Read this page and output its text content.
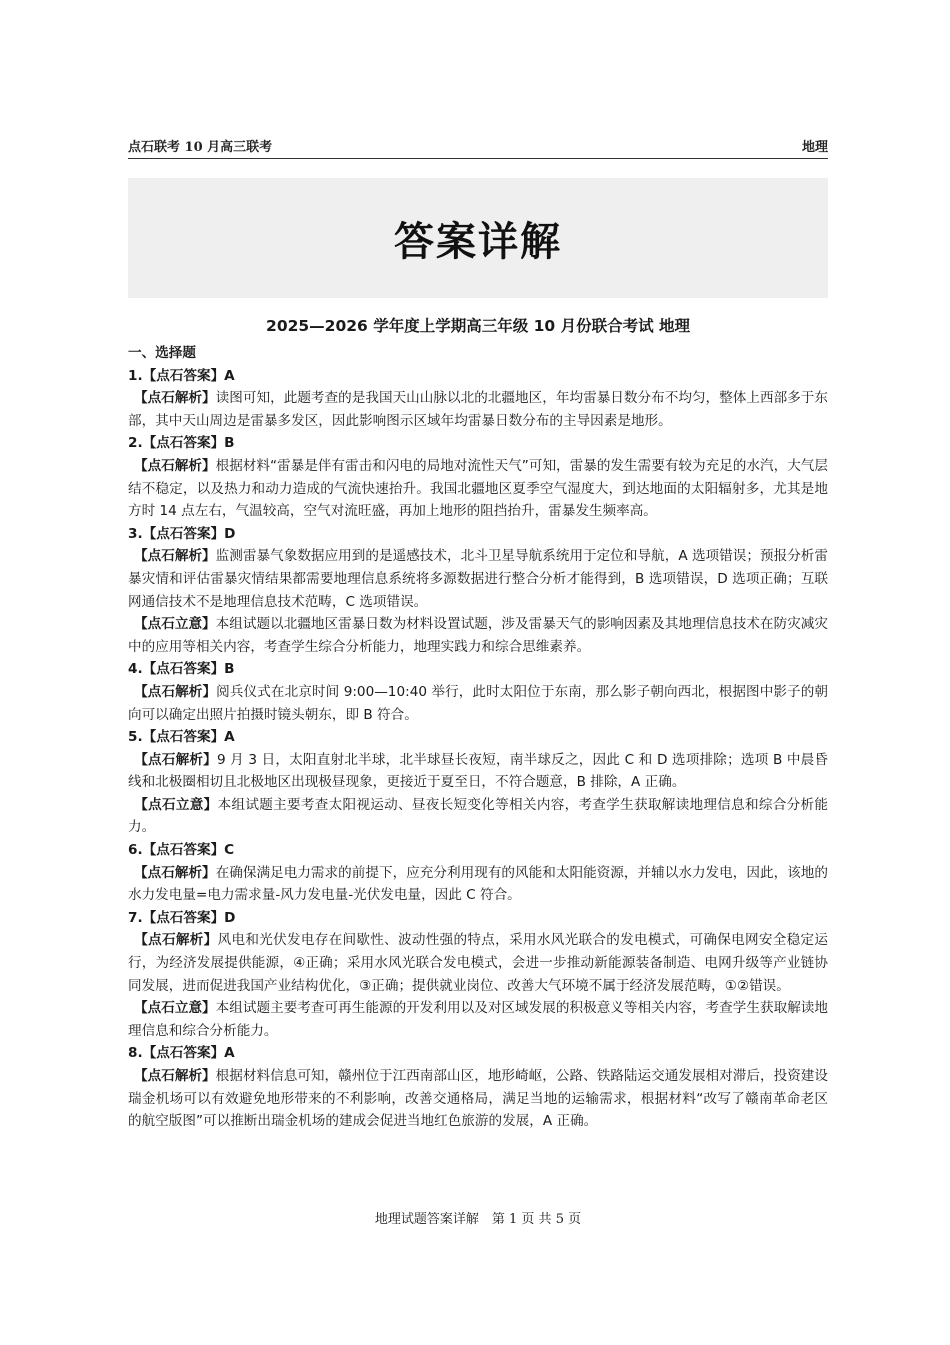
点石联考 10 月高三联考	地理
答案详解
2025—2026 学年度上学期高三年级 10 月份联合考试 地理

一、选择题

1.【点石答案】A

【点石解析】读图可知，此题考查的是我国天山山脉以北的北疆地区，年均雷暴日数分布不均匀，整体上西部多于东部，其中天山周边是雷暴多发区，因此影响图示区域年均雷暴日数分布的主导因素是地形。

2.【点石答案】B

【点石解析】根据材料“雷暴是伴有雷击和闪电的局地对流性天气”可知，雷暴的发生需要有较为充足的水汽，大气层结不稳定，以及热力和动力造成的气流快速抬升。我国北疆地区夏季空气湿度大，到达地面的太阳辐射多，尤其是地方时 14 点左右，气温较高，空气对流旺盛，再加上地形的阻挡抬升，雷暴发生频率高。

3.【点石答案】D

【点石解析】监测雷暴气象数据应用到的是遥感技术，北斗卫星导航系统用于定位和导航，A 选项错误；预报分析雷暴灾情和评估雷暴灾情结果都需要地理信息系统将多源数据进行整合分析才能得到，B 选项错误，D 选项正确；互联网通信技术不是地理信息技术范畴，C 选项错误。

【点石立意】本组试题以北疆地区雷暴日数为材料设置试题，涉及雷暴天气的影响因素及其地理信息技术在防灾减灾中的应用等相关内容，考查学生综合分析能力，地理实践力和综合思维素养。

4.【点石答案】B

【点石解析】阅兵仪式在北京时间 9:00—10:40 举行，此时太阳位于东南，那么影子朝向西北，根据图中影子的朝向可以确定出照片拍摄时镜头朝东，即 B 符合。

5.【点石答案】A

【点石解析】9 月 3 日，太阳直射北半球，北半球昼长夜短，南半球反之，因此 C 和 D 选项排除；选项 B 中晨昏线和北极圈相切且北极地区出现极昼现象，更接近于夏至日，不符合题意，B 排除，A 正确。

【点石立意】本组试题主要考查太阳视运动、昼夜长短变化等相关内容，考查学生获取解读地理信息和综合分析能力。

6.【点石答案】C

【点石解析】在确保满足电力需求的前提下，应充分利用现有的风能和太阳能资源，并辅以水力发电，因此，该地的水力发电量=电力需求量-风力发电量-光伏发电量，因此 C 符合。

7.【点石答案】D

【点石解析】风电和光伏发电存在间歇性、波动性强的特点，采用水风光联合的发电模式，可确保电网安全稳定运行，为经济发展提供能源，④正确；采用水风光联合发电模式，会进一步推动新能源装备制造、电网升级等产业链协同发展，进而促进我国产业结构优化，③正确；提供就业岗位、改善大气环境不属于经济发展范畴，①②错误。

【点石立意】本组试题主要考查可再生能源的开发利用以及对区域发展的积极意义等相关内容，考查学生获取解读地理信息和综合分析能力。

8.【点石答案】A

【点石解析】根据材料信息可知，赣州位于江西南部山区，地形崎岖，公路、铁路陆运交通发展相对滞后，投资建设瑞金机场可以有效避免地形带来的不利影响，改善交通格局，满足当地的运输需求，根据材料“改写了赣南革命老区的航空版图”可以推断出瑞金机场的建成会促进当地红色旅游的发展，A 正确。

地理试题答案详解　第 1 页 共 5 页
